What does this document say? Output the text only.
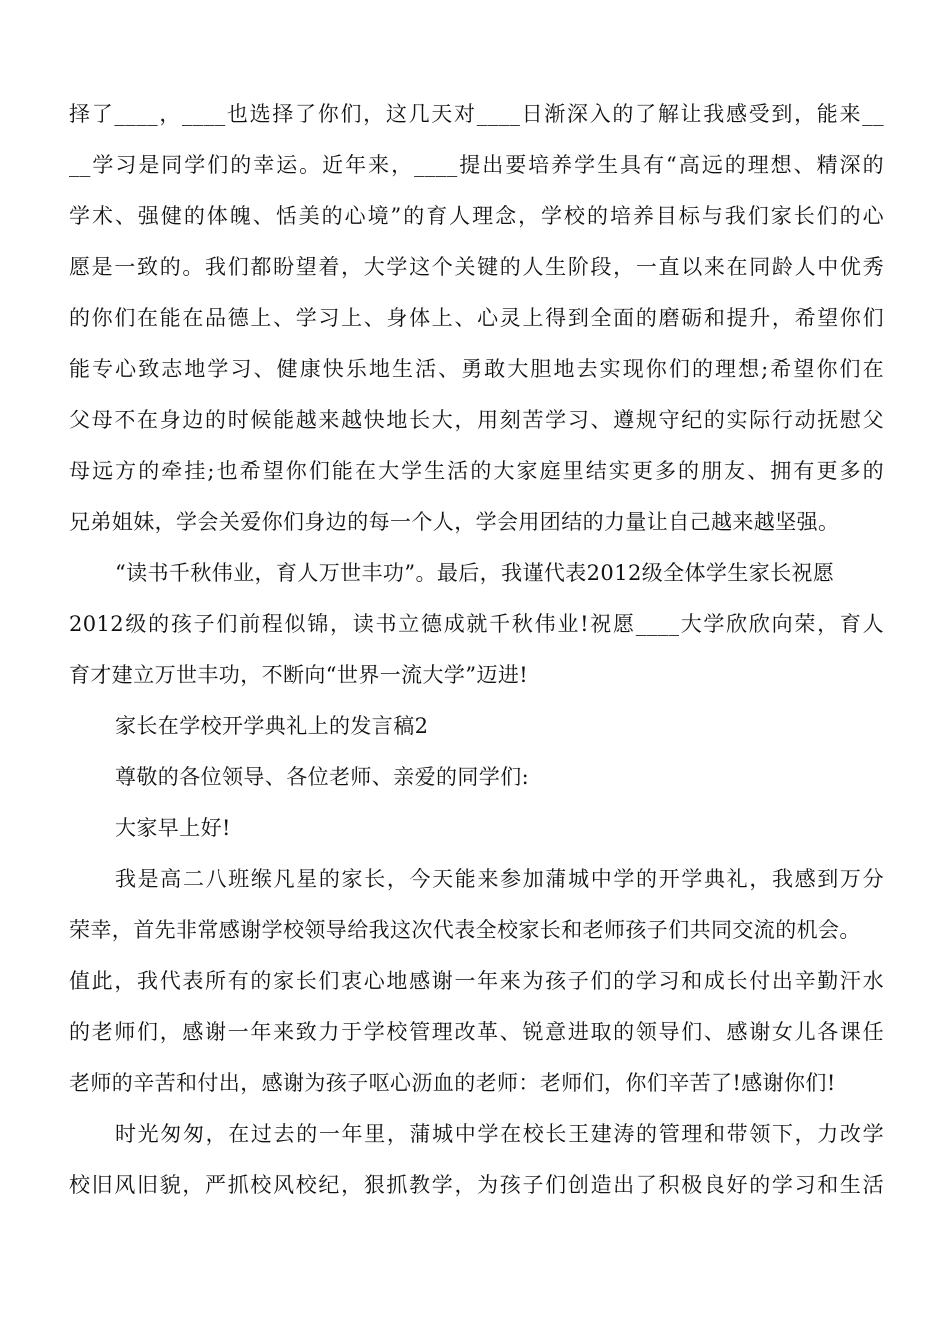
择了____，____也选择了你们，这几天对____日渐深入的了解让我感受到，能来__
__学习是同学们的幸运。近年来，____提出要培养学生具有“高远的理想、精深的
学术、强健的体魄、恬美的心境”的育人理念，学校的培养目标与我们家长们的心
愿是一致的。我们都盼望着，大学这个关键的人生阶段，一直以来在同龄人中优秀
的你们在能在品德上、学习上、身体上、心灵上得到全面的磨砺和提升，希望你们
能专心致志地学习、健康快乐地生活、勇敢大胆地去实现你们的理想;希望你们在
父母不在身边的时候能越来越快地长大，用刻苦学习、遵规守纪的实际行动抚慰父
母远方的牵挂;也希望你们能在大学生活的大家庭里结实更多的朋友、拥有更多的
兄弟姐妹，学会关爱你们身边的每一个人，学会用团结的力量让自己越来越坚强。
“读书千秋伟业，育人万世丰功”。最后，我谨代表2012级全体学生家长祝愿
2012级的孩子们前程似锦，读书立德成就千秋伟业!祝愿____大学欣欣向荣，育人
育才建立万世丰功，不断向“世界一流大学”迈进!
家长在学校开学典礼上的发言稿2
尊敬的各位领导、各位老师、亲爱的同学们:
大家早上好!
我是高二八班缑凡星的家长，今天能来参加蒲城中学的开学典礼，我感到万分
荣幸，首先非常感谢学校领导给我这次代表全校家长和老师孩子们共同交流的机会。
值此，我代表所有的家长们衷心地感谢一年来为孩子们的学习和成长付出辛勤汗水
的老师们，感谢一年来致力于学校管理改革、锐意进取的领导们、感谢女儿各课任
老师的辛苦和付出，感谢为孩子呕心沥血的老师：老师们，你们辛苦了!感谢你们!
时光匆匆，在过去的一年里，蒲城中学在校长王建涛的管理和带领下，力改学
校旧风旧貌，严抓校风校纪，狠抓教学，为孩子们创造出了积极良好的学习和生活
